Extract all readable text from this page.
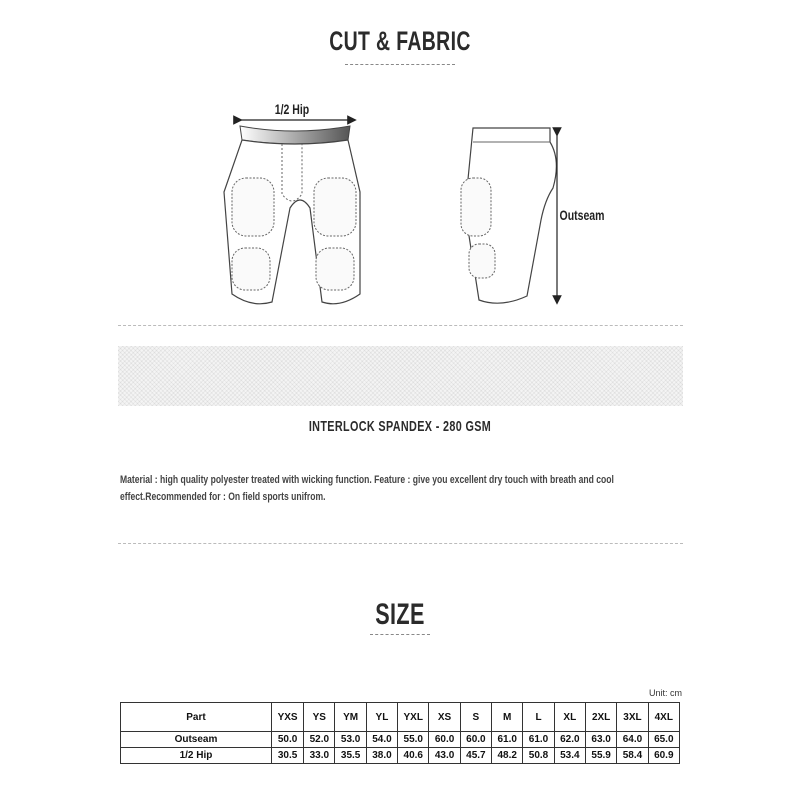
CUT & FABRIC
1/2 Hip
Outseam
INTERLOCK SPANDEX - 280 GSM
Material : high quality polyester treated with wicking function. Feature : give you excellent dry touch with breath and cool
effect.Recommended for : On field sports unifrom.
SIZE
Unit: cm
Part	YXS	YS	YM	YL	YXL	XS	S	M	L	XL	2XL	3XL	4XL
Outseam	50.0	52.0	53.0	54.0	55.0	60.0	60.0	61.0	61.0	62.0	63.0	64.0	65.0
1/2 Hip	30.5	33.0	35.5	38.0	40.6	43.0	45.7	48.2	50.8	53.4	55.9	58.4	60.9
